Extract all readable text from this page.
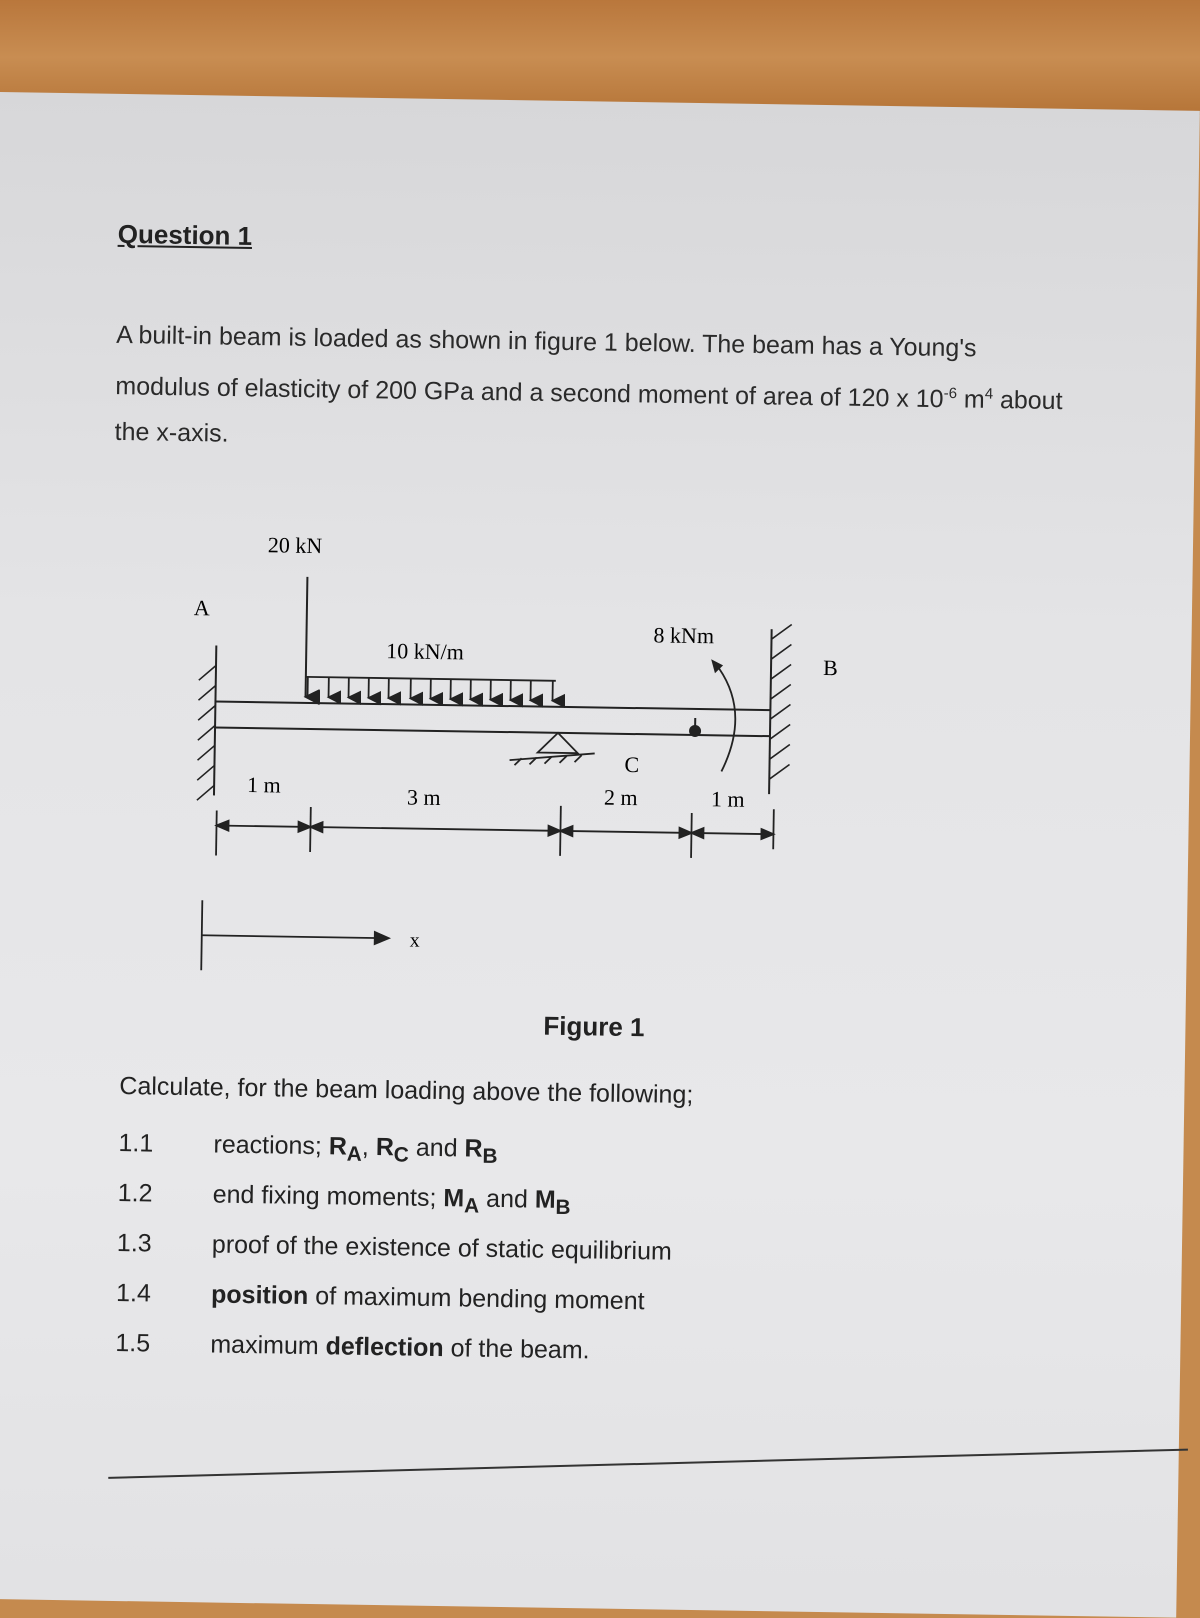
Question 1

A built-in beam is loaded as shown in figure 1 below. The beam has a Young's

modulus of elasticity of 200 GPa and a second moment of area of 120 x $10^{-6}$ $m^4$ about

the x-axis.

A
20 kN
10 kN/m
C
8 kNm
B
1 m	3 m	2 m	1 m
x
Figure 1
Calculate, for the beam loading above the following;
1.1 reactions; $R_A$, $R_C$ and $R_B$
1.2 end fixing moments; $M_A$ and $M_B$
1.3 proof of the existence of static equilibrium
1.4 position of maximum bending moment
1.5 maximum deflection of the beam.
